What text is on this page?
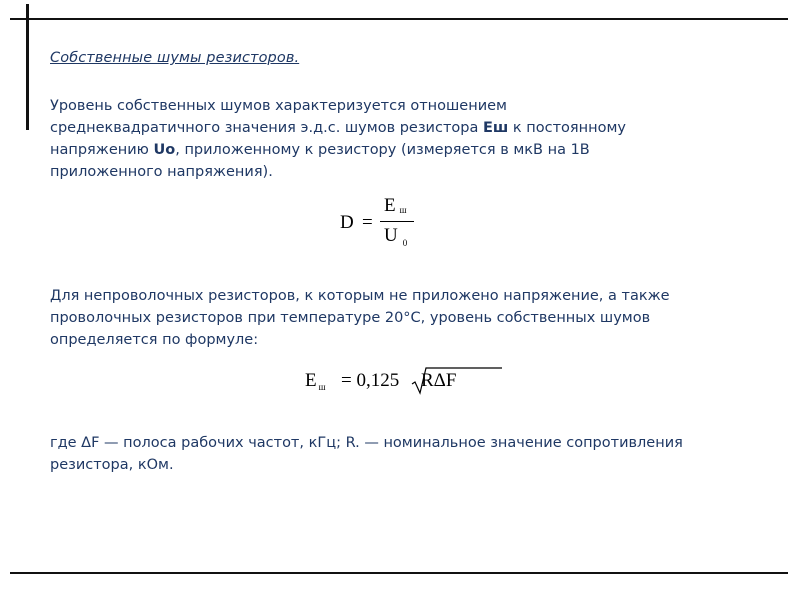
Собственные шумы резисторов.
Уровень собственных шумов характеризуется отношением
среднеквадратичного значения э.д.с. шумов резистора Еш к постоянному
напряжению Uo, приложенному к резистору (измеряется в мкВ на 1В
приложенного напряжения).
D =
E $_ш$
U $_0$
Для непроволочных резисторов, к которым не приложено напряжение, а также
проволочных резисторов при температуре 20°С, уровень собственных шумов
определяется по формуле:
E $_ш$ = 0,125 RΔF
где ΔF — полоса рабочих частот, кГц; R. — номинальное значение сопротивления
резистора, кОм.
